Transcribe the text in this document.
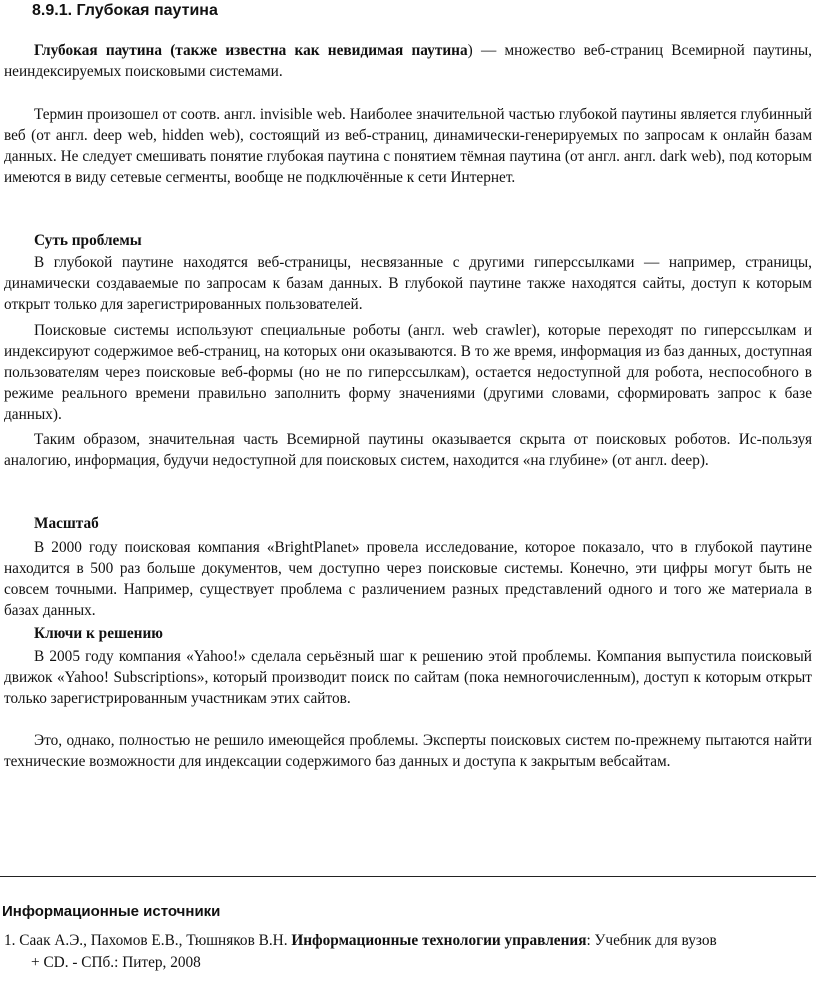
8.9.1. Глубокая паутина
Глубокая паутина (также известна как невидимая паутина) — множество веб-страниц Всемирной паутины, неиндексируемых поисковыми системами.
Термин произошел от соотв. англ. invisible web. Наиболее значительной частью глубокой паутины является глубинный веб (от англ. deep web, hidden web), состоящий из веб-страниц, динамически-генерируемых по запросам к онлайн базам данных. Не следует смешивать понятие глубокая паутина с понятием тёмная паутина (от англ. англ. dark web), под которым имеются в виду сетевые сегменты, вообще не подключённые к сети Интернет.
Суть проблемы
В глубокой паутине находятся веб-страницы, несвязанные с другими гиперссылками — например, страницы, динамически создаваемые по запросам к базам данных. В глубокой паутине также находятся сайты, доступ к которым открыт только для зарегистрированных пользователей.
Поисковые системы используют специальные роботы (англ. web crawler), которые переходят по гиперссылкам и индексируют содержимое веб-страниц, на которых они оказываются. В то же время, информация из баз данных, доступная пользователям через поисковые веб-формы (но не по гиперссылкам), остается недоступной для робота, неспособного в режиме реального времени правильно заполнить форму значениями (другими словами, сформировать запрос к базе данных).
Таким образом, значительная часть Всемирной паутины оказывается скрыта от поисковых роботов. Ис-пользуя аналогию, информация, будучи недоступной для поисковых систем, находится «на глубине» (от англ. deep).
Масштаб
В 2000 году поисковая компания «BrightPlanet» провела исследование, которое показало, что в глубокой паутине находится в 500 раз больше документов, чем доступно через поисковые системы. Конечно, эти цифры могут быть не совсем точными. Например, существует проблема с различением разных представлений одного и того же материала в базах данных.
Ключи к решению
В 2005 году компания «Yahoo!» сделала серьёзный шаг к решению этой проблемы. Компания выпустила поисковый движок «Yahoo! Subscriptions», который производит поиск по сайтам (пока немногочисленным), доступ к которым открыт только зарегистрированным участникам этих сайтов.
Это, однако, полностью не решило имеющейся проблемы. Эксперты поисковых систем по-прежнему пытаются найти технические возможности для индексации содержимого баз данных и доступа к закрытым вебсайтам.
Информационные источники
1. Саак А.Э., Пахомов Е.В., Тюшняков В.Н. Информационные технологии управления: Учебник для вузов
+ CD. - СПб.: Питер, 2008
